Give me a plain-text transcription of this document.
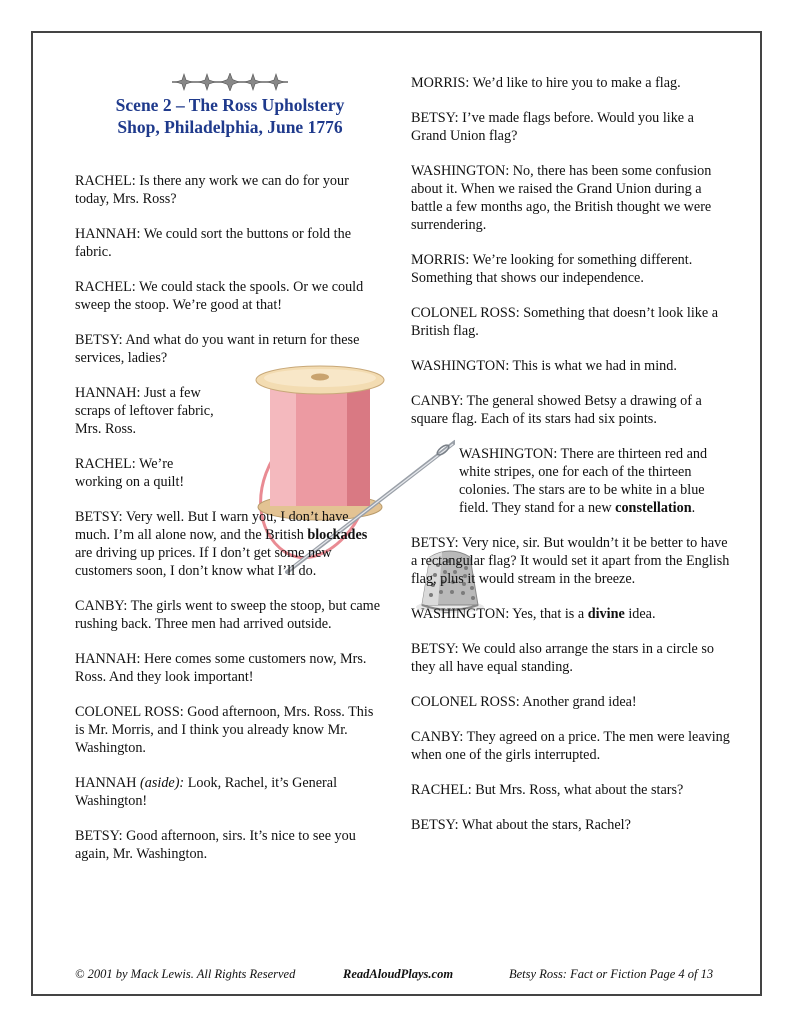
Scene 2 – The Ross Upholstery
Shop, Philadelphia, June 1776

RACHEL: Is there any work we can do for your today, Mrs. Ross?

HANNAH: We could sort the buttons or fold the fabric.

RACHEL: We could stack the spools. Or we could sweep the stoop. We’re good at that!

BETSY: And what do you want in return for these services, ladies?

HANNAH: Just a few scraps of leftover fabric, Mrs. Ross.

RACHEL: We’re working on a quilt!

BETSY: Very well. But I warn you, I don’t have much. I’m all alone now, and the British blockades are driving up prices. If I don’t get some new customers soon, I don’t know what I’ll do.

CANBY: The girls went to sweep the stoop, but came rushing back. Three men had arrived outside.

HANNAH: Here comes some customers now, Mrs. Ross. And they look important!

COLONEL ROSS: Good afternoon, Mrs. Ross. This is Mr. Morris, and I think you already know Mr. Washington.

HANNAH (aside): Look, Rachel, it’s General Washington!

BETSY: Good afternoon, sirs. It’s nice to see you again, Mr. Washington.

MORRIS: We’d like to hire you to make a flag.

BETSY: I’ve made flags before. Would you like a Grand Union flag?

WASHINGTON: No, there has been some confusion about it. When we raised the Grand Union during a battle a few months ago, the British thought we were surrendering.

MORRIS: We’re looking for something different. Something that shows our independence.

COLONEL ROSS: Something that doesn’t look like a British flag.

WASHINGTON: This is what we had in mind.

CANBY: The general showed Betsy a drawing of a square flag. Each of its stars had six points.

WASHINGTON: There are thirteen red and white stripes, one for each of the thirteen colonies. The stars are to be white in a blue field. They stand for a new constellation.

BETSY: Very nice, sir. But wouldn’t it be better to have a rectangular flag? It would set it apart from the English flag, plus it would stream in the breeze.

WASHINGTON: Yes, that is a divine idea.

BETSY: We could also arrange the stars in a circle so they all have equal standing.

COLONEL ROSS: Another grand idea!

CANBY: They agreed on a price. The men were leaving when one of the girls interrupted.

RACHEL: But Mrs. Ross, what about the stars?

BETSY: What about the stars, Rachel?

© 2001 by Mack Lewis. All Rights Reserved	ReadAloudPlays.com	Betsy Ross: Fact or Fiction Page 4 of 13
